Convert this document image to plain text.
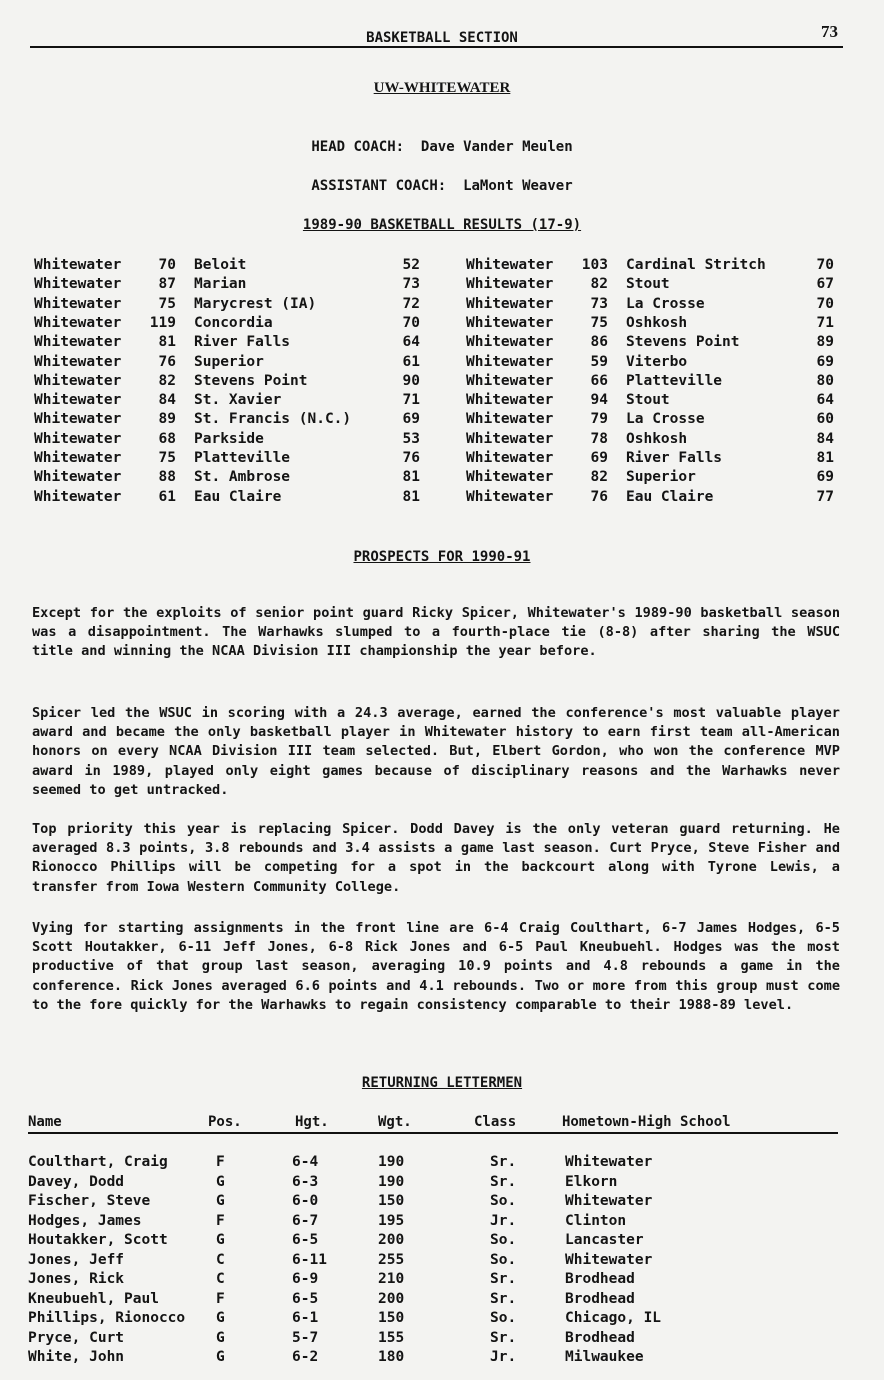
BASKETBALL SECTION	73
UW-WHITEWATER
HEAD COACH: Dave Vander Meulen
ASSISTANT COACH: LaMont Weaver
1989-90 BASKETBALL RESULTS (17-9)
Whitewater	70 Beloit	52
Whitewater	87 Marian	73
Whitewater	75 Marycrest (IA)	72
Whitewater 119 Concordia	70
Whitewater	81 River Falls	64
Whitewater	76 Superior	61
Whitewater	82 Stevens Point	90
Whitewater	84 St. Xavier	71
Whitewater	89 St. Francis (N.C.)	69
Whitewater	68 Parkside	53
Whitewater	75 Platteville	76
Whitewater	88 St. Ambrose	81
Whitewater	61 Eau Claire	81
Whitewater 103 Cardinal Stritch	70
Whitewater	82 Stout	67
Whitewater	73 La Crosse	70
Whitewater	75 Oshkosh	71
Whitewater	86 Stevens Point	89
Whitewater	59 Viterbo	69
Whitewater	66 Platteville	80
Whitewater	94 Stout	64
Whitewater	79 La Crosse	60
Whitewater	78 Oshkosh	84
Whitewater	69 River Falls	81
Whitewater	82 Superior	69
Whitewater	76 Eau Claire	77
PROSPECTS FOR 1990-91
Except for the exploits of senior point guard Ricky Spicer, Whitewater's 1989-90 basketball season was a disappointment. The Warhawks slumped to a fourth-place tie (8-8) after sharing the WSUC title and winning the NCAA Division III championship the year before.
Spicer led the WSUC in scoring with a 24.3 average, earned the conference's most valuable player award and became the only basketball player in Whitewater history to earn first team all-American honors on every NCAA Division III team selected. But, Elbert Gordon, who won the conference MVP award in 1989, played only eight games because of disciplinary reasons and the Warhawks never seemed to get untracked.
Top priority this year is replacing Spicer. Dodd Davey is the only veteran guard returning. He averaged 8.3 points, 3.8 rebounds and 3.4 assists a game last season. Curt Pryce, Steve Fisher and Rionocco Phillips will be competing for a spot in the backcourt along with Tyrone Lewis, a transfer from Iowa Western Community College.
Vying for starting assignments in the front line are 6-4 Craig Coulthart, 6-7 James Hodges, 6-5 Scott Houtakker, 6-11 Jeff Jones, 6-8 Rick Jones and 6-5 Paul Kneubuehl. Hodges was the most productive of that group last season, averaging 10.9 points and 4.8 rebounds a game in the conference. Rick Jones averaged 6.6 points and 4.1 rebounds. Two or more from this group must come to the fore quickly for the Warhawks to regain consistency comparable to their 1988-89 level.
RETURNING LETTERMEN
Name	Pos.	Hgt.	Wgt.	Class	Hometown-High School
Coulthart, Craig	F	6-4	190	Sr.	Whitewater
Davey, Dodd	G	6-3	190	Sr.	Elkorn
Fischer, Steve	G	6-0	150	So.	Whitewater
Hodges, James	F	6-7	195	Jr.	Clinton
Houtakker, Scott	G	6-5	200	So.	Lancaster
Jones, Jeff	C	6-11	255	So.	Whitewater
Jones, Rick	C	6-9	210	Sr.	Brodhead
Kneubuehl, Paul	F	6-5	200	Sr.	Brodhead
Phillips, Rionocco G	6-1	150	So.	Chicago, IL
Pryce, Curt	G	5-7	155	Sr.	Brodhead
White, John	G	6-2	180	Jr.	Milwaukee
